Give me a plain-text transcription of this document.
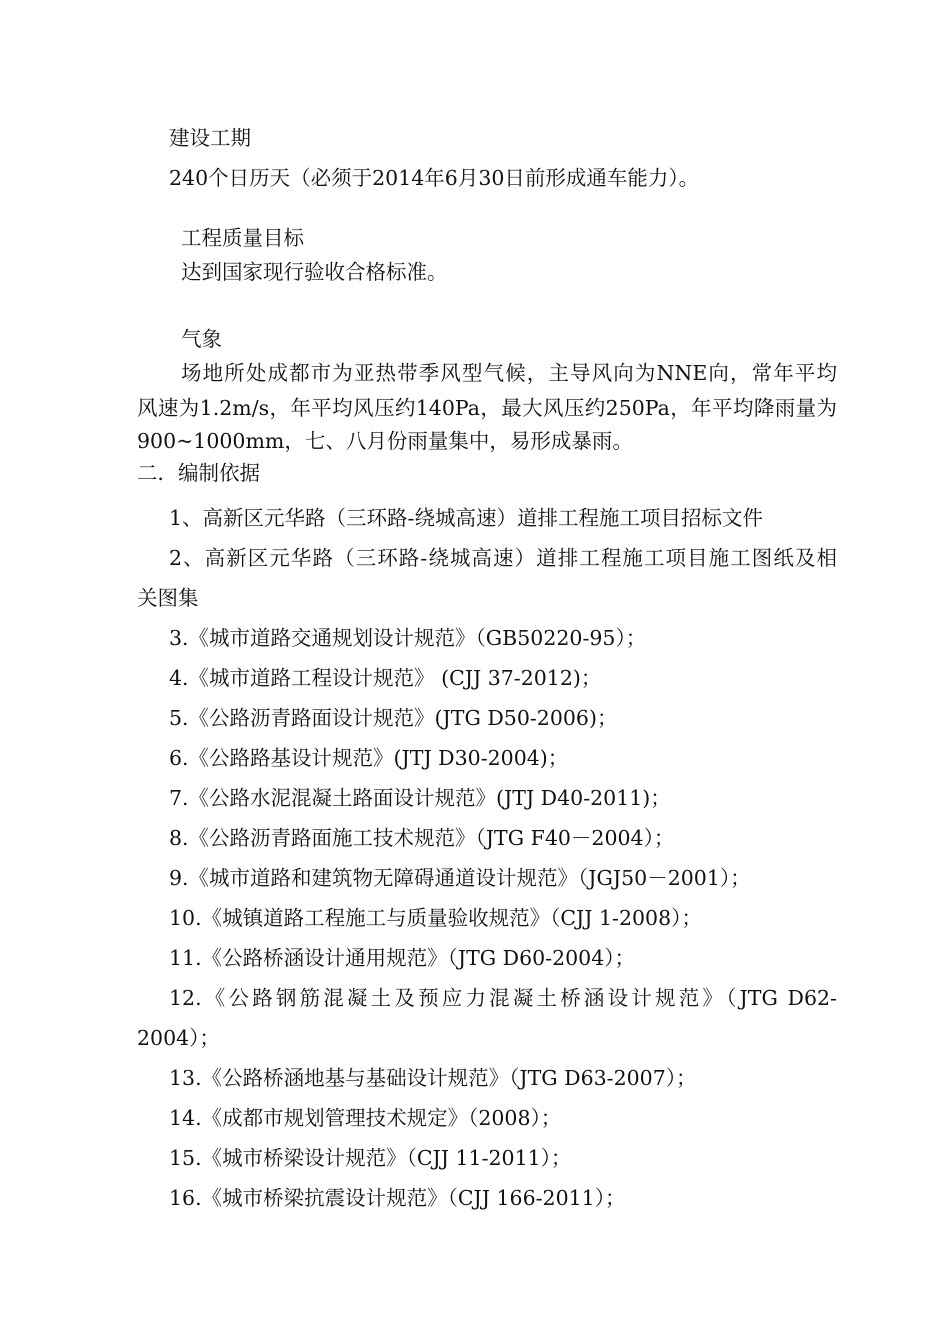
建设工期

240个日历天（必须于2014年6月30日前形成通车能力）。

工程质量目标

达到国家现行验收合格标准。

气象

场地所处成都市为亚热带季风型气候，主导风向为NNE向，常年平均

风速为1.2m/s，年平均风压约140Pa，最大风压约250Pa，年平均降雨量为

900~1000mm，七、八月份雨量集中，易形成暴雨。

二．编制依据

1、高新区元华路（三环路-绕城高速）道排工程施工项目招标文件

2、高新区元华路（三环路-绕城高速）道排工程施工项目施工图纸及相

关图集

3.《城市道路交通规划设计规范》（GB50220-95）；

4.《城市道路工程设计规范》 (CJJ 37-2012)；

5.《公路沥青路面设计规范》(JTG D50-2006)；

6.《公路路基设计规范》(JTJ D30-2004)；

7.《公路水泥混凝土路面设计规范》(JTJ D40-2011)；

8.《公路沥青路面施工技术规范》（JTG F40－2004）；

9.《城市道路和建筑物无障碍通道设计规范》（JGJ50－2001）；

10.《城镇道路工程施工与质量验收规范》（CJJ 1-2008）；

11.《公路桥涵设计通用规范》（JTG D60-2004）；

12.《公路钢筋混凝土及预应力混凝土桥涵设计规范》（JTG D62-

2004）；

13.《公路桥涵地基与基础设计规范》（JTG D63-2007）；

14.《成都市规划管理技术规定》（2008）；

15.《城市桥梁设计规范》（CJJ 11-2011）；

16.《城市桥梁抗震设计规范》（CJJ 166-2011）；
